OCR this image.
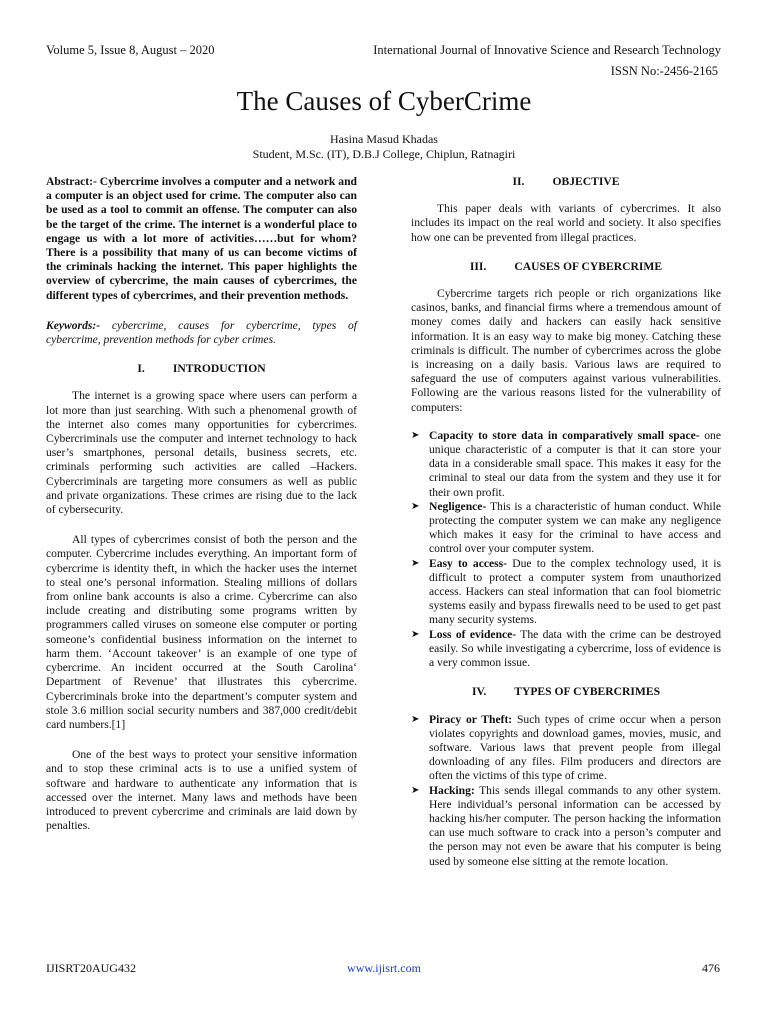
Volume 5, Issue 8, August – 2020	International Journal of Innovative Science and Research Technology
ISSN No:-2456-2165
The Causes of CyberCrime
Hasina Masud Khadas
Student, M.Sc. (IT), D.B.J College, Chiplun, Ratnagiri

Abstract:- Cybercrime involves a computer and a network and a computer is an object used for crime. The computer also can be used as a tool to commit an offense. The computer can also be the target of the crime. The internet is a wonderful place to engage us with a lot more of activities……but for whom? There is a possibility that many of us can become victims of the criminals hacking the internet. This paper highlights the overview of cybercrime, the main causes of cybercrimes, the different types of cybercrimes, and their prevention methods.

Keywords:- cybercrime, causes for cybercrime, types of cybercrime, prevention methods for cyber crimes.

I. INTRODUCTION

The internet is a growing space where users can perform a lot more than just searching. With such a phenomenal growth of the internet also comes many opportunities for cybercrimes. Cybercriminals use the computer and internet technology to hack user’s smartphones, personal details, business secrets, etc. criminals performing such activities are called –Hackers. Cybercriminals are targeting more consumers as well as public and private organizations. These crimes are rising due to the lack of cybersecurity.

All types of cybercrimes consist of both the person and the computer. Cybercrime includes everything. An important form of cybercrime is identity theft, in which the hacker uses the internet to steal one’s personal information. Stealing millions of dollars from online bank accounts is also a crime. Cybercrime can also include creating and distributing some programs written by programmers called viruses on someone else computer or porting someone’s confidential business information on the internet to harm them. ‘Account takeover’ is an example of one type of cybercrime. An incident occurred at the South Carolina‘ Department of Revenue’ that illustrates this cybercrime. Cybercriminals broke into the department’s computer system and stole 3.6 million social security numbers and 387,000 credit/debit card numbers.[1]

One of the best ways to protect your sensitive information and to stop these criminal acts is to use a unified system of software and hardware to authenticate any information that is accessed over the internet. Many laws and methods have been introduced to prevent cybercrime and criminals are laid down by penalties.

II. OBJECTIVE

This paper deals with variants of cybercrimes. It also includes its impact on the real world and society. It also specifies how one can be prevented from illegal practices.

III. CAUSES OF CYBERCRIME

Cybercrime targets rich people or rich organizations like casinos, banks, and financial firms where a tremendous amount of money comes daily and hackers can easily hack sensitive information. It is an easy way to make big money. Catching these criminals is difficult. The number of cybercrimes across the globe is increasing on a daily basis. Various laws are required to safeguard the use of computers against various vulnerabilities. Following are the various reasons listed for the vulnerability of computers:

➤ Capacity to store data in comparatively small space- one unique characteristic of a computer is that it can store your data in a considerable small space. This makes it easy for the criminal to steal our data from the system and they use it for their own profit.
➤ Negligence- This is a characteristic of human conduct. While protecting the computer system we can make any negligence which makes it easy for the criminal to have access and control over your computer system.
➤ Easy to access- Due to the complex technology used, it is difficult to protect a computer system from unauthorized access. Hackers can steal information that can fool biometric systems easily and bypass firewalls need to be used to get past many security systems.
➤ Loss of evidence- The data with the crime can be destroyed easily. So while investigating a cybercrime, loss of evidence is a very common issue.
IV. TYPES OF CYBERCRIMES
➤ Piracy or Theft: Such types of crime occur when a person violates copyrights and download games, movies, music, and software. Various laws that prevent people from illegal downloading of any files. Film producers and directors are often the victims of this type of crime.
➤ Hacking: This sends illegal commands to any other system. Here individual’s personal information can be accessed by hacking his/her computer. The person hacking the information can use much software to crack into a person’s computer and the person may not even be aware that his computer is being used by someone else sitting at the remote location.
IJISRT20AUG432	www.ijisrt.com	476
